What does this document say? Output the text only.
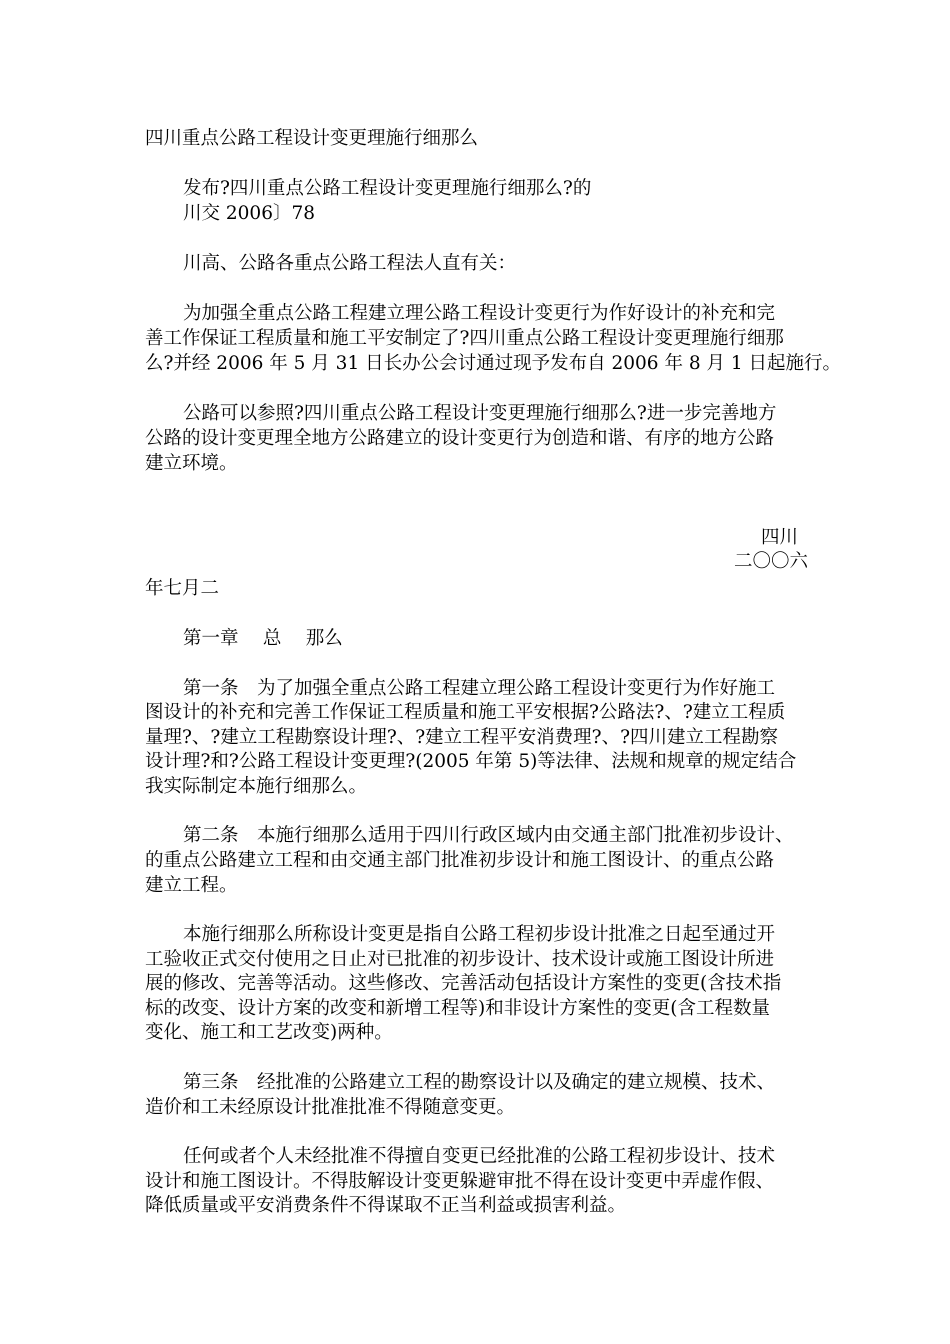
四川重点公路工程设计变更理施行细那么
发布?四川重点公路工程设计变更理施行细那么?的
川交 2006〕78
川高、公路各重点公路工程法人直有关：
为加强全重点公路工程建立理公路工程设计变更行为作好设计的补充和完
善工作保证工程质量和施工平安制定了?四川重点公路工程设计变更理施行细那
么?并经 2006 年 5 月 31 日长办公会讨通过现予发布自 2006 年 8 月 1 日起施行。
公路可以参照?四川重点公路工程设计变更理施行细那么?进一步完善地方
公路的设计变更理全地方公路建立的设计变更行为创造和谐、有序的地方公路
建立环境。
四川
二〇〇六
年七月二
第一章　 总　 那么
第一条　为了加强全重点公路工程建立理公路工程设计变更行为作好施工
图设计的补充和完善工作保证工程质量和施工平安根据?公路法?、?建立工程质
量理?、?建立工程勘察设计理?、?建立工程平安消费理?、?四川建立工程勘察
设计理?和?公路工程设计变更理?(2005 年第 5)等法律、法规和规章的规定结合
我实际制定本施行细那么。
第二条　本施行细那么适用于四川行政区域内由交通主部门批准初步设计、
的重点公路建立工程和由交通主部门批准初步设计和施工图设计、的重点公路
建立工程。
本施行细那么所称设计变更是指自公路工程初步设计批准之日起至通过开
工验收正式交付使用之日止对已批准的初步设计、技术设计或施工图设计所进
展的修改、完善等活动。这些修改、完善活动包括设计方案性的变更(含技术指
标的改变、设计方案的改变和新增工程等)和非设计方案性的变更(含工程数量
变化、施工和工艺改变)两种。
第三条　经批准的公路建立工程的勘察设计以及确定的建立规模、技术、
造价和工未经原设计批准批准不得随意变更。
任何或者个人未经批准不得擅自变更已经批准的公路工程初步设计、技术
设计和施工图设计。不得肢解设计变更躲避审批不得在设计变更中弄虚作假、
降低质量或平安消费条件不得谋取不正当利益或损害利益。
